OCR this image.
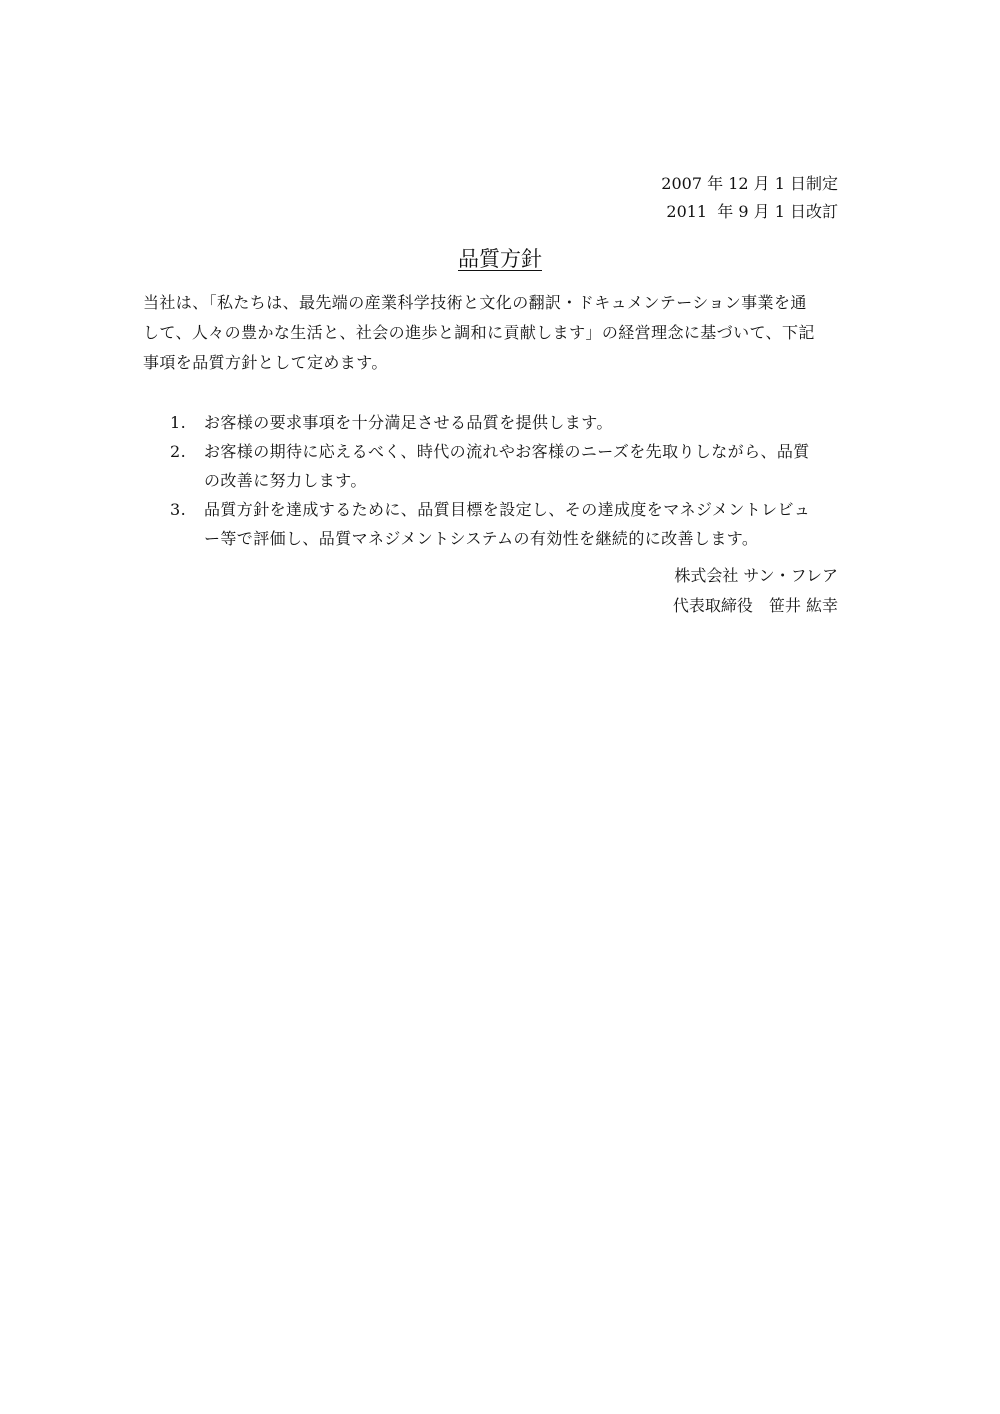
2007 年 12 月 1 日制定
2011  年 9 月 1 日改訂
品質方針
当社は、「私たちは、最先端の産業科学技術と文化の翻訳・ドキュメンテーション事業を通
して、人々の豊かな生活と、社会の進歩と調和に貢献します」の経営理念に基づいて、下記
事項を品質方針として定めます。
1. お客様の要求事項を十分満足させる品質を提供します。
2. お客様の期待に応えるべく、時代の流れやお客様のニーズを先取りしながら、品質
の改善に努力します。
3. 品質方針を達成するために、品質目標を設定し、その達成度をマネジメントレビュ
ー等で評価し、品質マネジメントシステムの有効性を継続的に改善します。
株式会社 サン・フレア
代表取締役　笹井 紘幸
